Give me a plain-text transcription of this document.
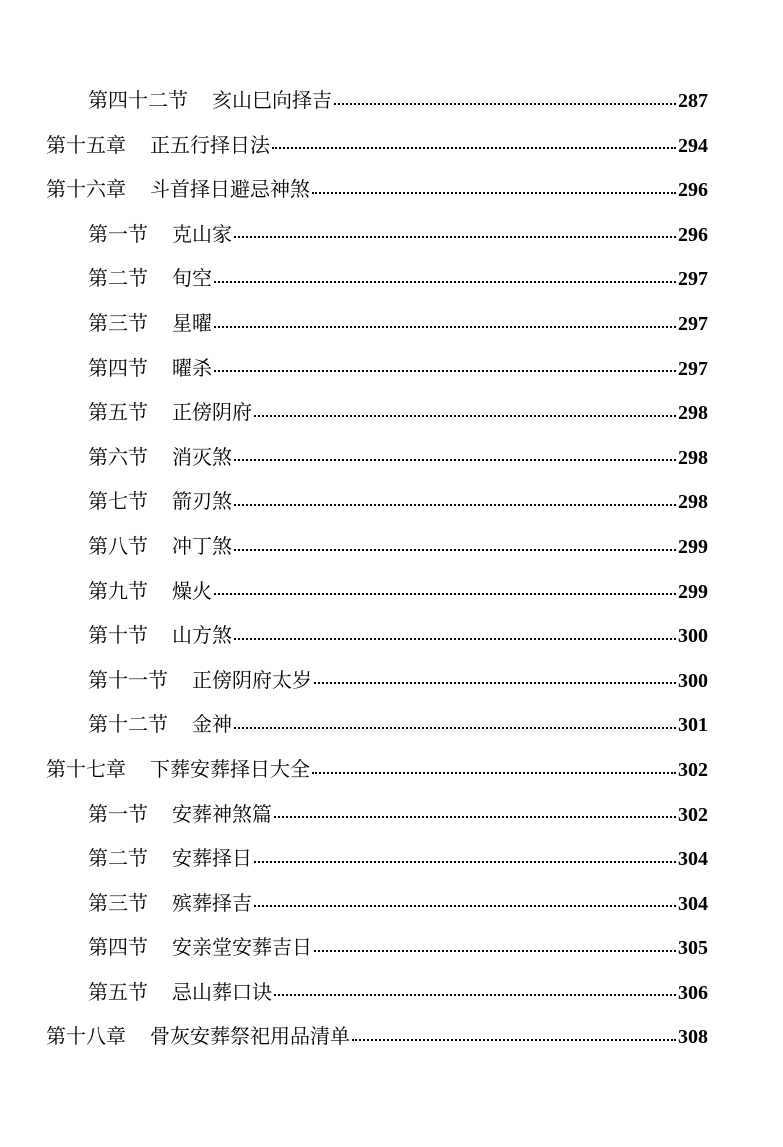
第四十二节 亥山巳向择吉	287
第十五章 正五行择日法	294
第十六章 斗首择日避忌神煞	296
第一节 克山家	296
第二节 旬空	297
第三节 星曜	297
第四节 曜杀	297
第五节 正傍阴府	298
第六节 消灭煞	298
第七节 箭刃煞	298
第八节 冲丁煞	299
第九节 燥火	299
第十节 山方煞	300
第十一节 正傍阴府太岁	300
第十二节 金神	301
第十七章 下葬安葬择日大全	302
第一节 安葬神煞篇	302
第二节 安葬择日	304
第三节 殡葬择吉	304
第四节 安亲堂安葬吉日	305
第五节 忌山葬口诀	306
第十八章 骨灰安葬祭祀用品清单	308
